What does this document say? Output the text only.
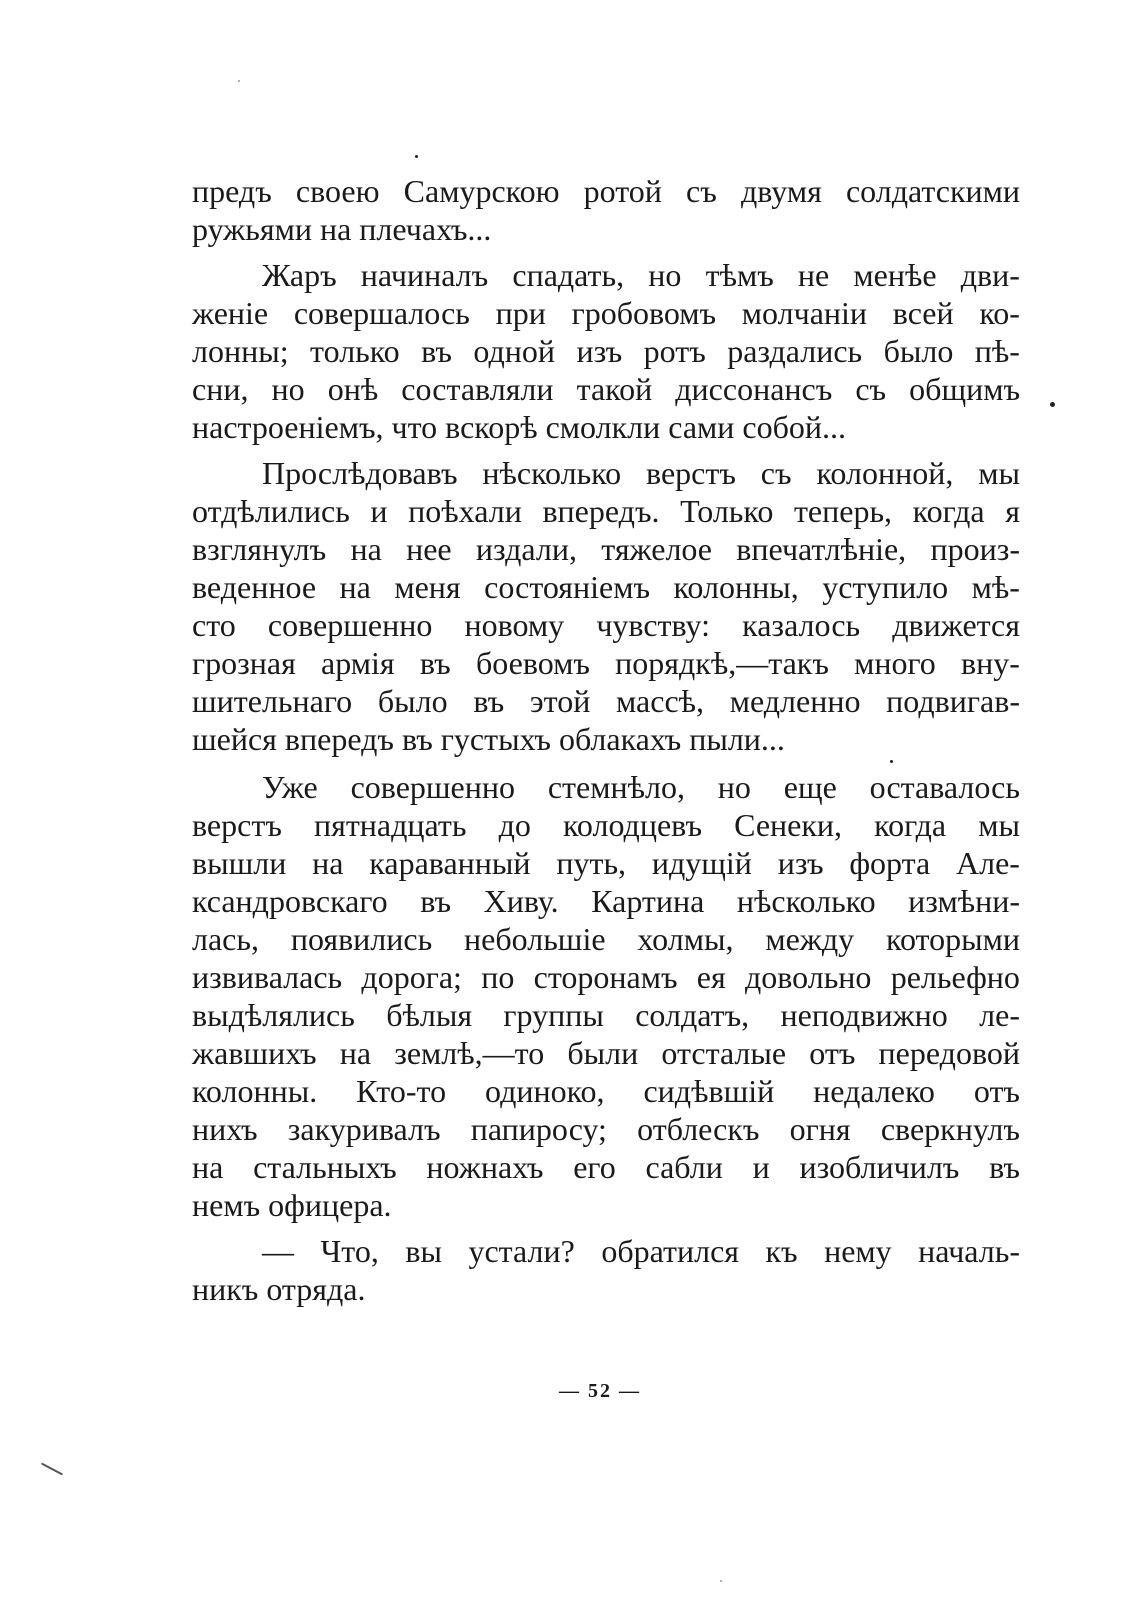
предъ своею Самурскою ротой съ двумя солдатскими
ружьями на плечахъ...
Жаръ начиналъ спадать, но тѣмъ не менѣе дви-
женіе совершалось при гробовомъ молчаніи всей ко-
лонны; только въ одной изъ ротъ раздались было пѣ-
сни, но онѣ составляли такой диссонансъ съ общимъ
настроеніемъ, что вскорѣ смолкли сами собой...
Прослѣдовавъ нѣсколько верстъ съ колонной, мы
отдѣлились и поѣхали впередъ. Только теперь, когда я
взглянулъ на нее издали, тяжелое впечатлѣніе, произ-
веденное на меня состояніемъ колонны, уступило мѣ-
сто совершенно новому чувству: казалось движется
грозная армія въ боевомъ порядкѣ,—такъ много вну-
шительнаго было въ этой массѣ, медленно подвигав-
шейся впередъ въ густыхъ облакахъ пыли...
Уже совершенно стемнѣло, но еще оставалось
верстъ пятнадцать до колодцевъ Сенеки, когда мы
вышли на караванный путь, идущій изъ форта Але-
ксандровскаго въ Хиву. Картина нѣсколько измѣни-
лась, появились небольшіе холмы, между которыми
извивалась дорога; по сторонамъ ея довольно рельефно
выдѣлялись бѣлыя группы солдатъ, неподвижно ле-
жавшихъ на землѣ,—то были отсталые отъ передовой
колонны. Кто-то одиноко, сидѣвшій недалеко отъ
нихъ закуривалъ папиросу; отблескъ огня сверкнулъ
на стальныхъ ножнахъ его сабли и изобличилъ въ
немъ офицера.
— Что, вы устали? обратился къ нему началь-
никъ отряда.
— 52 —
